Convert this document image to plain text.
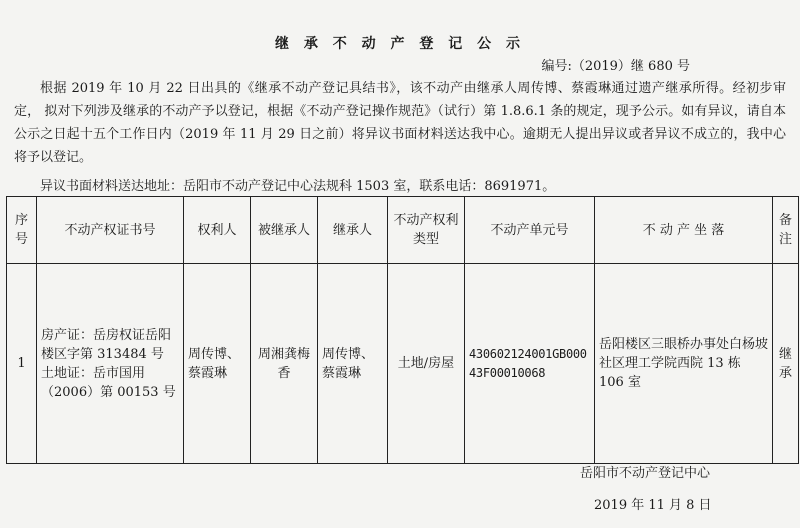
继 承 不 动 产 登 记 公 示
编号:（2019）继 680 号
根据 2019 年 10 月 22 日出具的《继承不动产登记具结书》，该不动产由继承人周传博、蔡霞琳通过遗产继承所得。经初步审定， 拟对下列涉及继承的不动产予以登记，根据《不动产登记操作规范》（试行）第 1.8.6.1 条的规定，现予公示。如有异议，请自本公示之日起十五个工作日内（2019 年 11 月 29 日之前）将异议书面材料送达我中心。逾期无人提出异议或者异议不成立的，我中心将予以登记。
异议书面材料送达地址：岳阳市不动产登记中心法规科 1503 室，联系电话：8691971。
序号	不动产权证书号	权利人	被继承人	继承人	不动产权利类型	不动产单元号	不 动 产 坐 落	备注
1	房产证：岳房权证岳阳楼区字第 313484 号 土地证：岳市国用（2006）第 00153 号	周传博、蔡霞琳	周湘龚梅香	周传博、蔡霞琳	土地/房屋	430602124001GB00043F00010068	岳阳楼区三眼桥办事处白杨坡社区理工学院西院 13 栋 106 室	继承
岳阳市不动产登记中心
2019 年 11 月 8 日
